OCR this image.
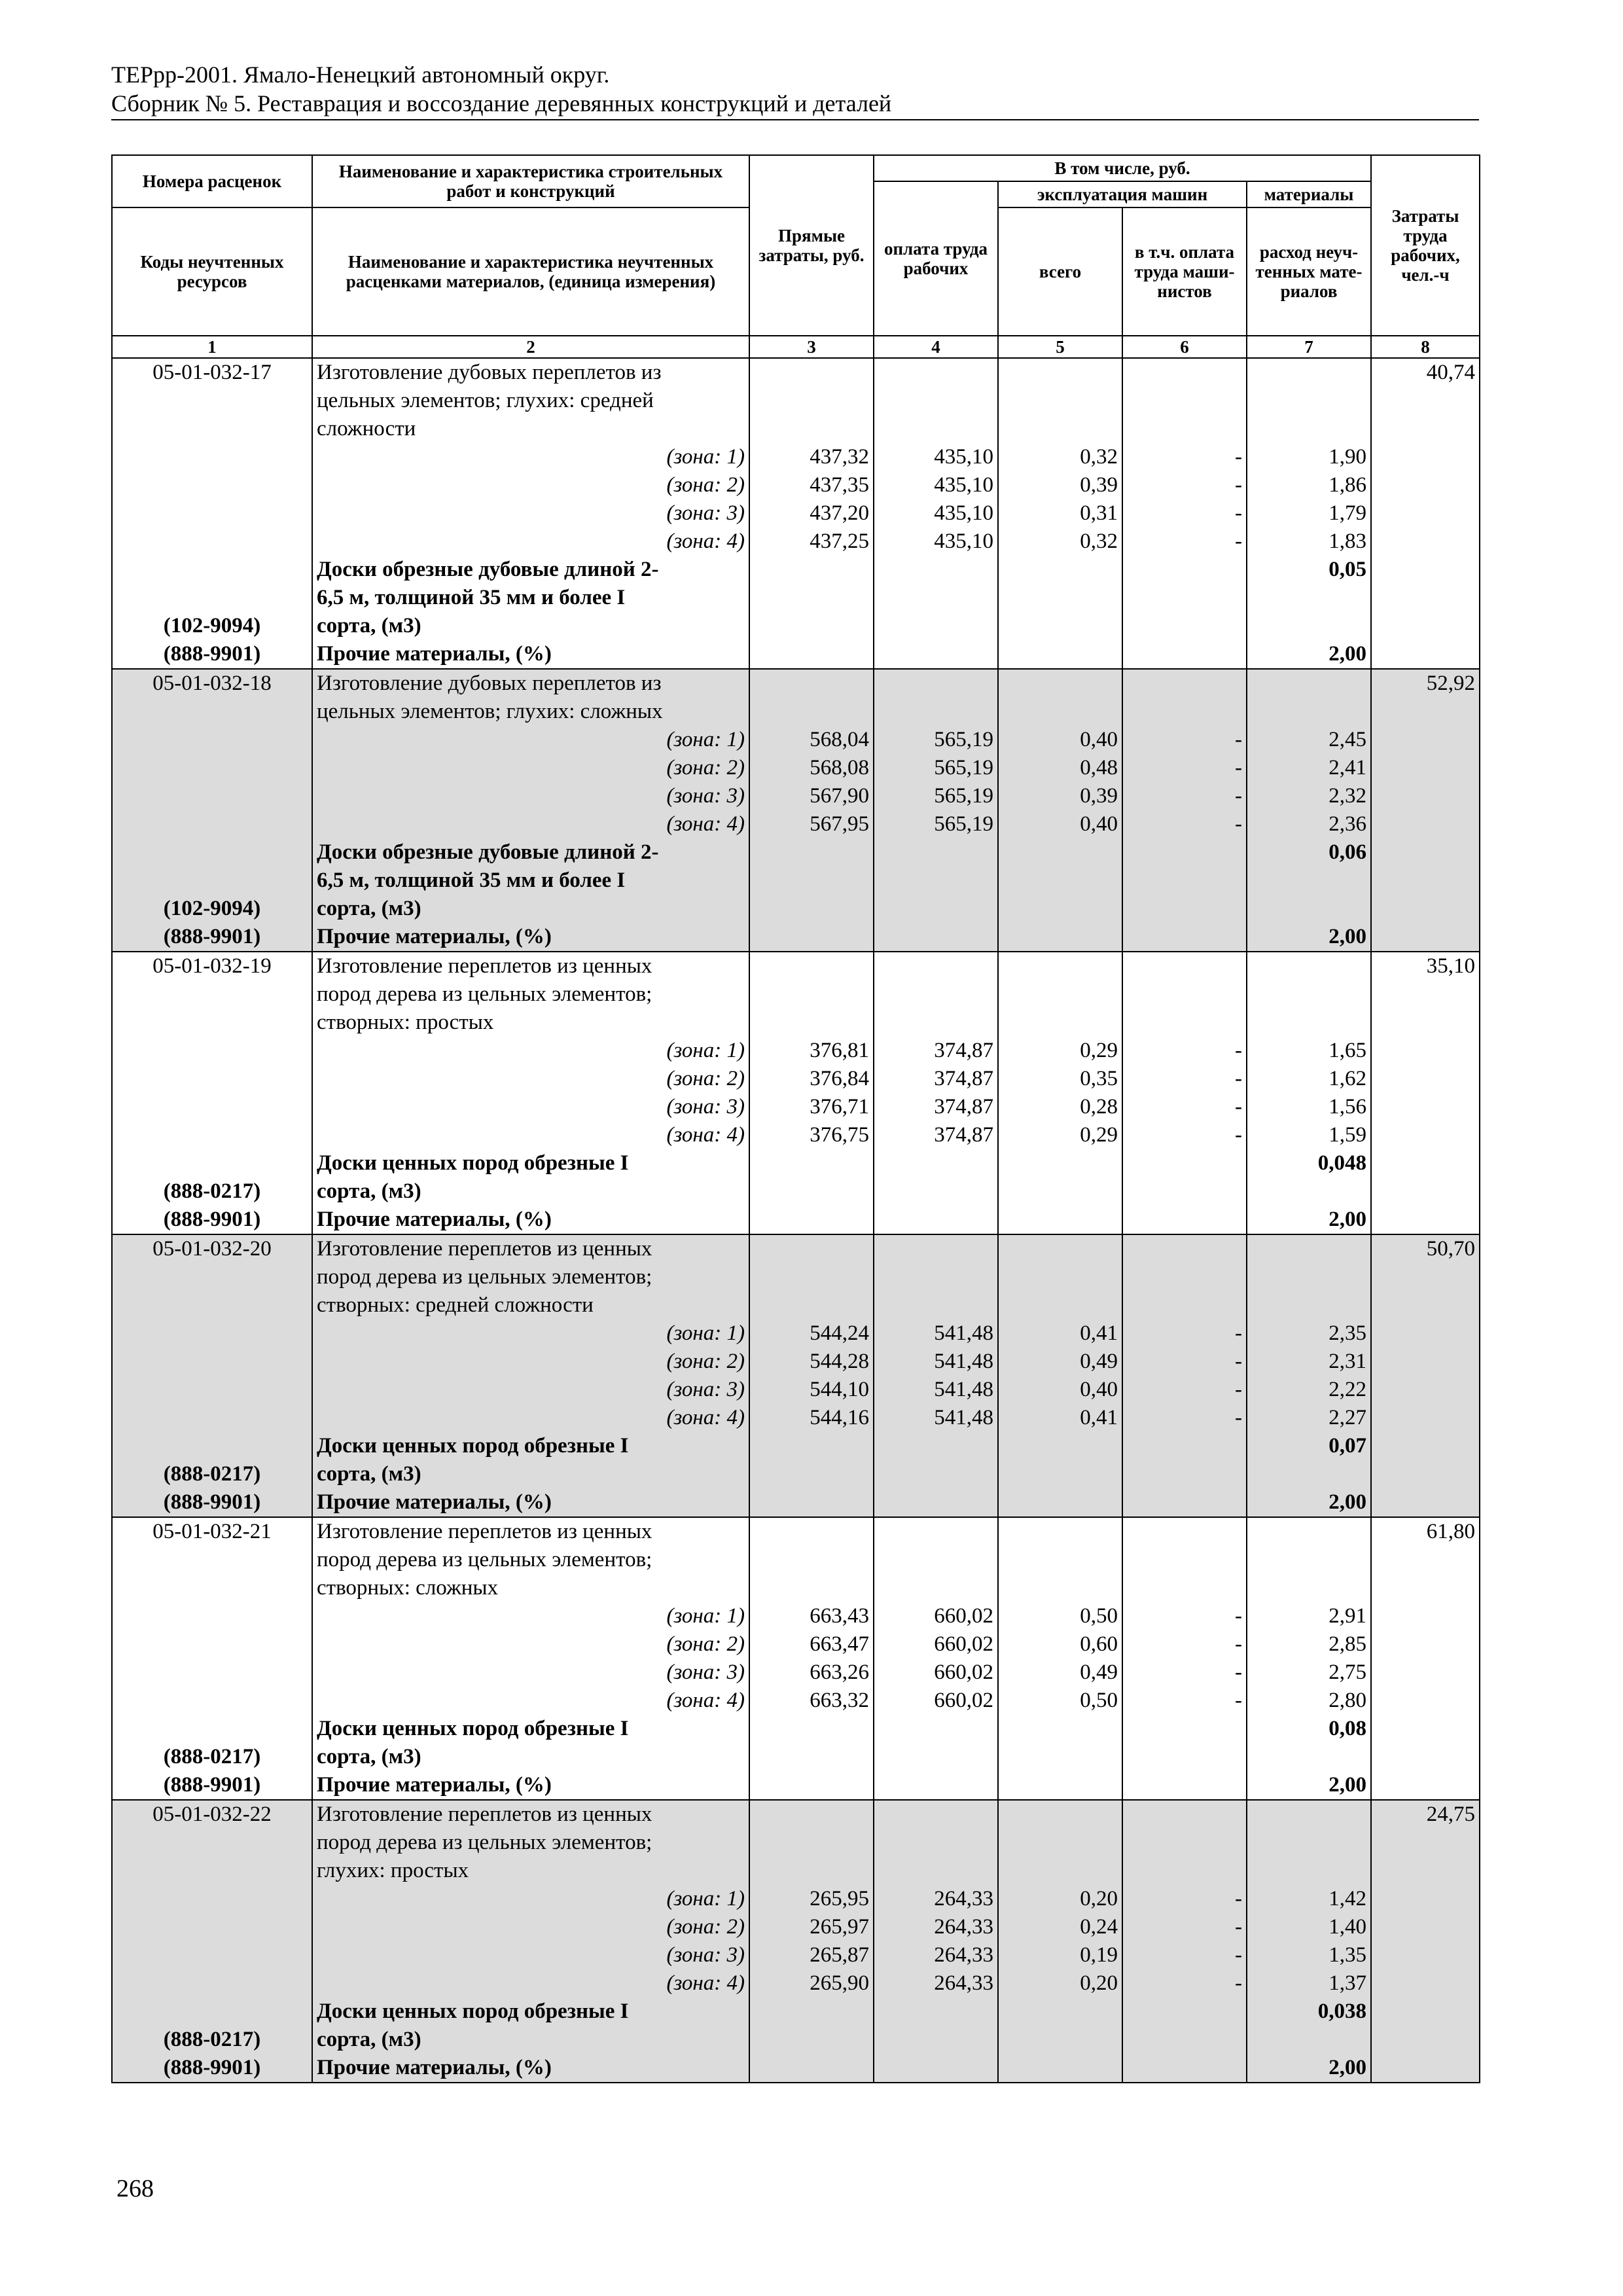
ТЕРрр-2001. Ямало-Ненецкий автономный округ.
Сборник № 5. Реставрация и воссоздание деревянных конструкций и деталей
Номера расценок	Наименование и характеристика строительных работ и конструкций	Прямые затраты, руб.	В том числе, руб.				Затраты труда рабочих, чел.-ч
			оплата труда рабочих	эксплуатация машин		материалы	
Коды неучтенных ресурсов	Наименование и характеристика неучтенных расценками материалов, (единица измерения)			всего	в т.ч. оплата труда маши-нистов	расход неуч-тенных мате-риалов	
1	2	3	4	5	6	7	8
05-01-032-17	Изготовление дубовых переплетов из						40,74
	цельных элементов; глухих: средней						
	сложности						
	(зона: 1)	437,32	435,10	0,32	-	1,90	
	(зона: 2)	437,35	435,10	0,39	-	1,86	
	(зона: 3)	437,20	435,10	0,31	-	1,79	
	(зона: 4)	437,25	435,10	0,32	-	1,83	
	Доски обрезные дубовые длиной 2-					0,05	
	6,5 м, толщиной 35 мм и более I						
(102-9094)	сорта, (м3)						
(888-9901)	Прочие материалы, (%)					2,00	
05-01-032-18	Изготовление дубовых переплетов из						52,92
	цельных элементов; глухих: сложных						
	(зона: 1)	568,04	565,19	0,40	-	2,45	
	(зона: 2)	568,08	565,19	0,48	-	2,41	
	(зона: 3)	567,90	565,19	0,39	-	2,32	
	(зона: 4)	567,95	565,19	0,40	-	2,36	
	Доски обрезные дубовые длиной 2-					0,06	
	6,5 м, толщиной 35 мм и более I						
(102-9094)	сорта, (м3)						
(888-9901)	Прочие материалы, (%)					2,00	
05-01-032-19	Изготовление переплетов из ценных						35,10
	пород дерева из цельных элементов;						
	створных: простых						
	(зона: 1)	376,81	374,87	0,29	-	1,65	
	(зона: 2)	376,84	374,87	0,35	-	1,62	
	(зона: 3)	376,71	374,87	0,28	-	1,56	
	(зона: 4)	376,75	374,87	0,29	-	1,59	
	Доски ценных пород обрезные I					0,048	
(888-0217)	сорта, (м3)						
(888-9901)	Прочие материалы, (%)					2,00	
05-01-032-20	Изготовление переплетов из ценных						50,70
	пород дерева из цельных элементов;						
	створных: средней сложности						
	(зона: 1)	544,24	541,48	0,41	-	2,35	
	(зона: 2)	544,28	541,48	0,49	-	2,31	
	(зона: 3)	544,10	541,48	0,40	-	2,22	
	(зона: 4)	544,16	541,48	0,41	-	2,27	
	Доски ценных пород обрезные I					0,07	
(888-0217)	сорта, (м3)						
(888-9901)	Прочие материалы, (%)					2,00	
05-01-032-21	Изготовление переплетов из ценных						61,80
	пород дерева из цельных элементов;						
	створных: сложных						
	(зона: 1)	663,43	660,02	0,50	-	2,91	
	(зона: 2)	663,47	660,02	0,60	-	2,85	
	(зона: 3)	663,26	660,02	0,49	-	2,75	
	(зона: 4)	663,32	660,02	0,50	-	2,80	
	Доски ценных пород обрезные I					0,08	
(888-0217)	сорта, (м3)						
(888-9901)	Прочие материалы, (%)					2,00	
05-01-032-22	Изготовление переплетов из ценных						24,75
	пород дерева из цельных элементов;						
	глухих: простых						
	(зона: 1)	265,95	264,33	0,20	-	1,42	
	(зона: 2)	265,97	264,33	0,24	-	1,40	
	(зона: 3)	265,87	264,33	0,19	-	1,35	
	(зона: 4)	265,90	264,33	0,20	-	1,37	
	Доски ценных пород обрезные I					0,038	
(888-0217)	сорта, (м3)						
(888-9901)	Прочие материалы, (%)					2,00	
268
